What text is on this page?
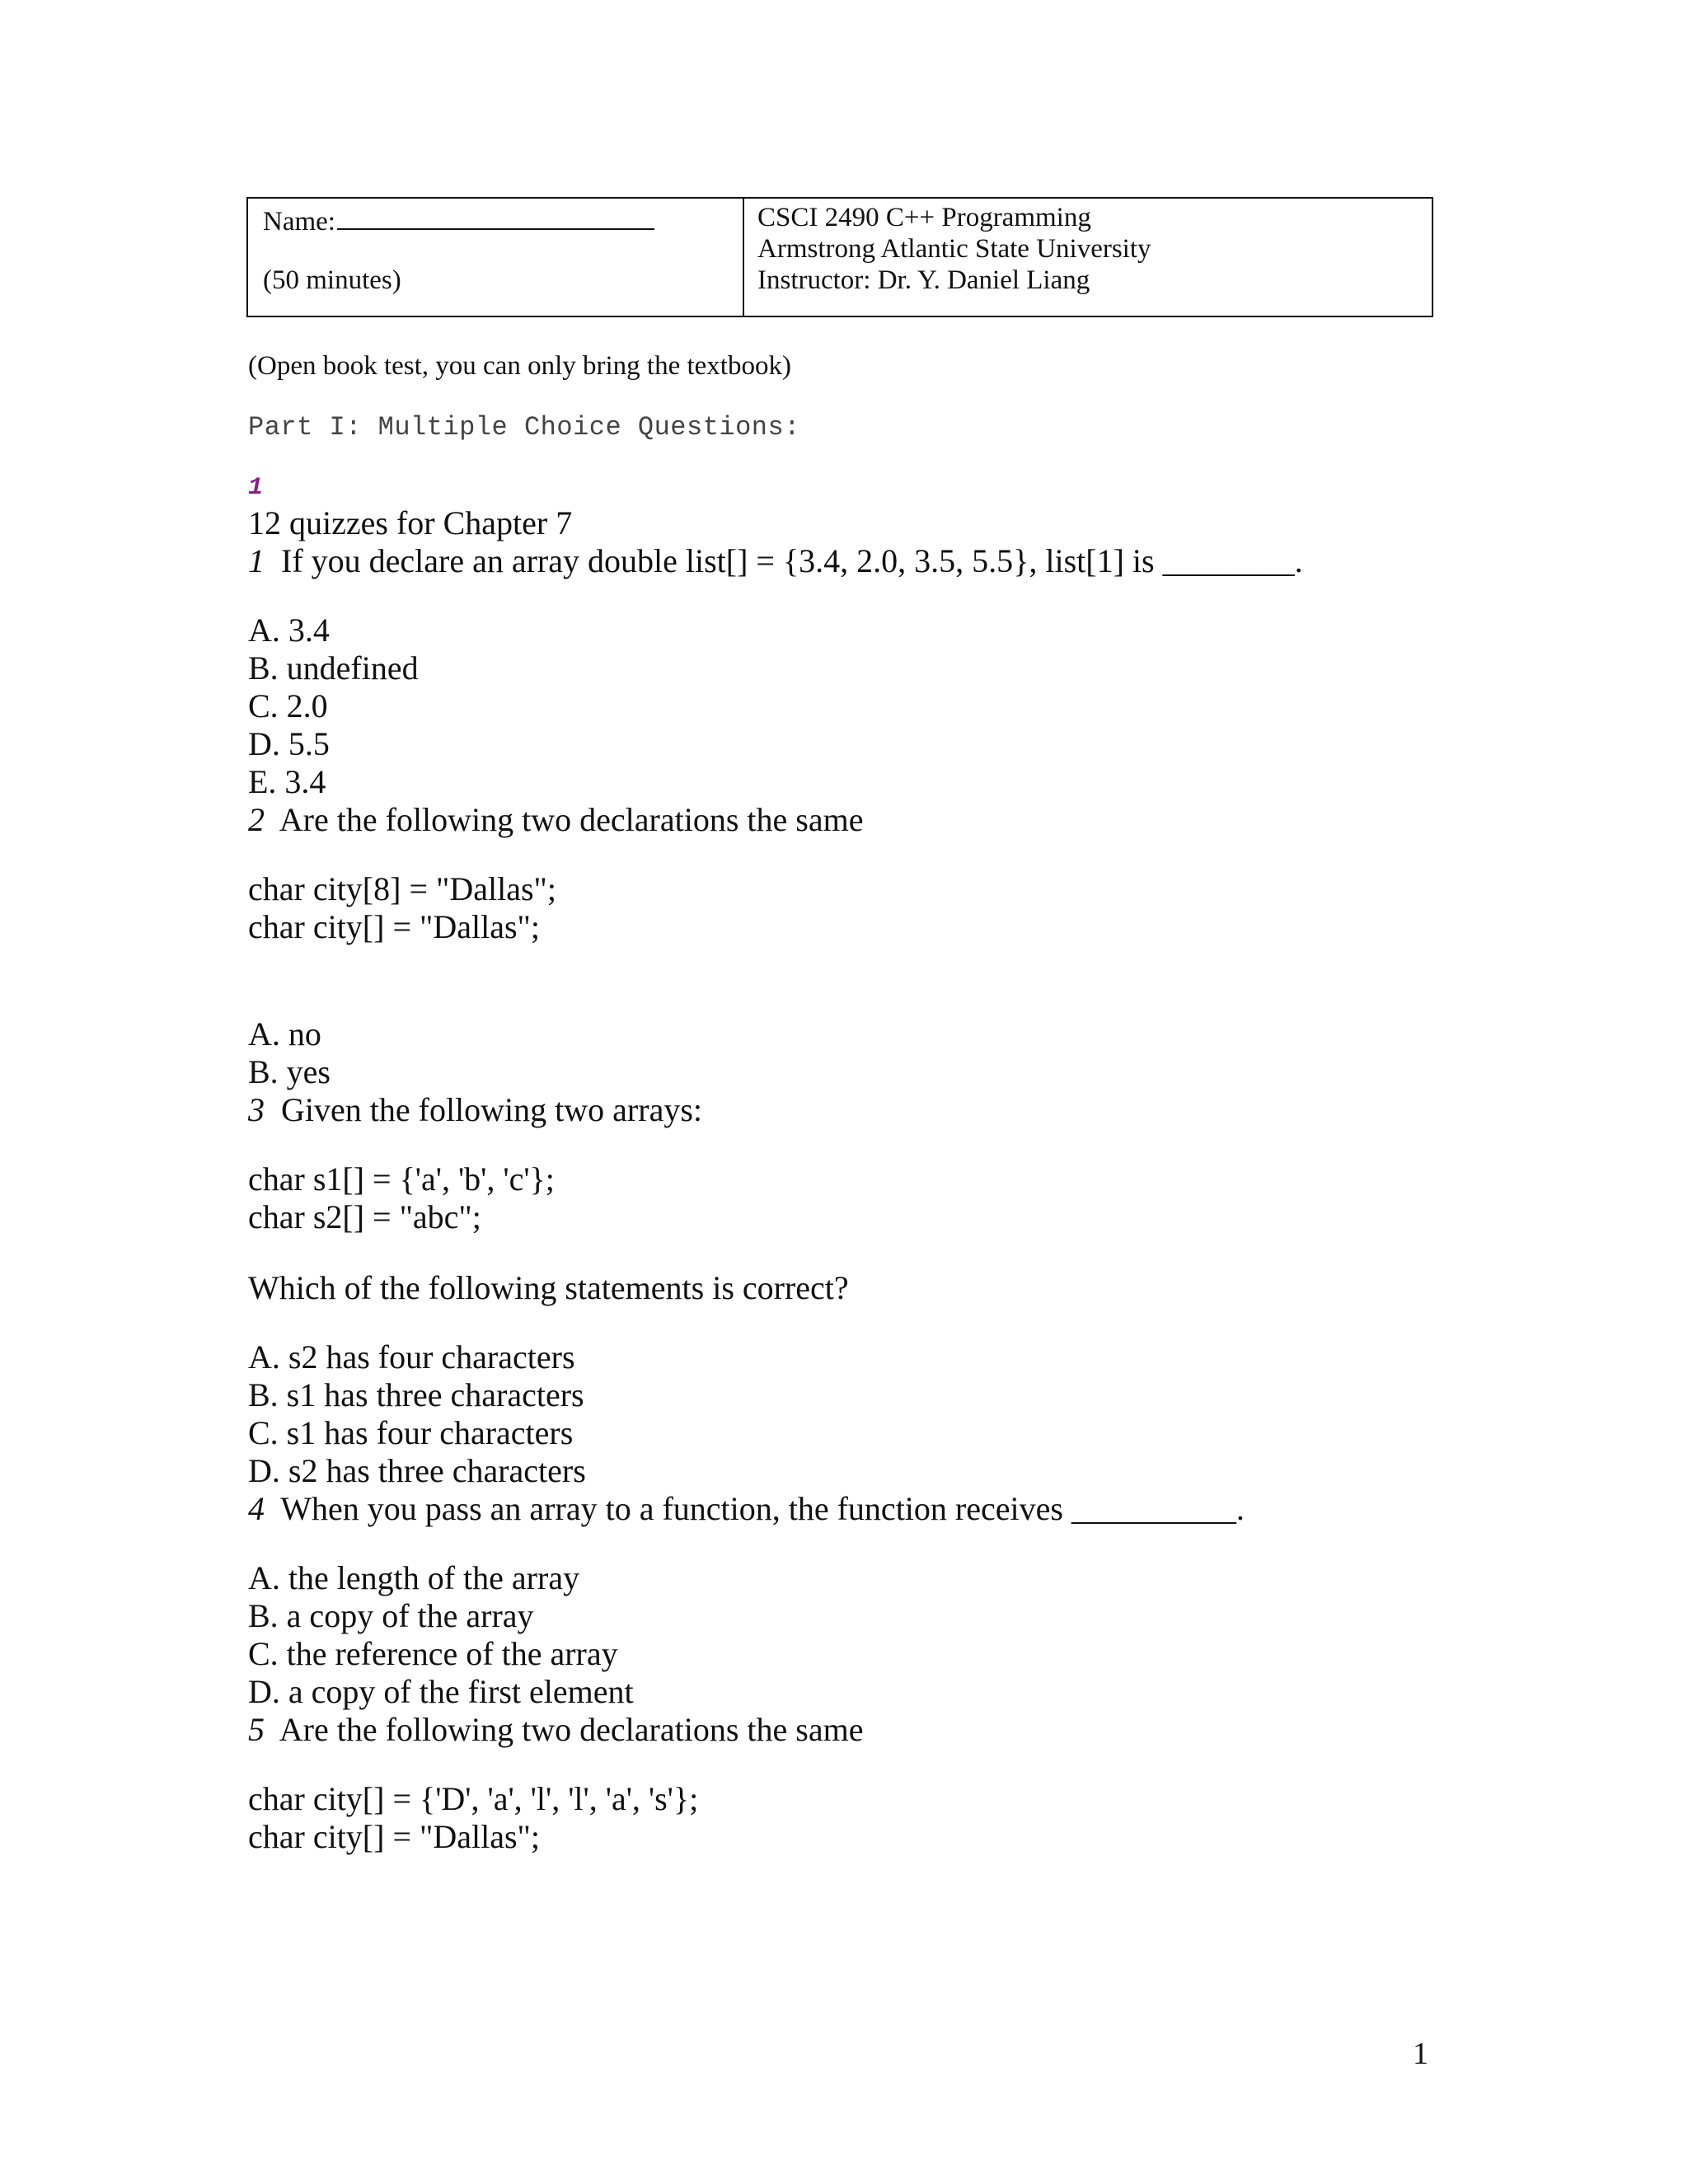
Name:
(50 minutes)
CSCI 2490 C++ Programming
Armstrong Atlantic State University
Instructor: Dr. Y. Daniel Liang
(Open book test, you can only bring the textbook)
Part I: Multiple Choice Questions:
1
12 quizzes for Chapter 7
1 If you declare an array double list[] = {3.4, 2.0, 3.5, 5.5}, list[1] is ________.
A. 3.4
B. undefined
C. 2.0
D. 5.5
E. 3.4
2 Are the following two declarations the same
char city[8] = "Dallas";
char city[] = "Dallas";
A. no
B. yes
3 Given the following two arrays:
char s1[] = {'a', 'b', 'c'};
char s2[] = "abc";
Which of the following statements is correct?
A. s2 has four characters
B. s1 has three characters
C. s1 has four characters
D. s2 has three characters
4 When you pass an array to a function, the function receives __________.
A. the length of the array
B. a copy of the array
C. the reference of the array
D. a copy of the first element
5 Are the following two declarations the same
char city[] = {'D', 'a', 'l', 'l', 'a', 's'};
char city[] = "Dallas";
1
